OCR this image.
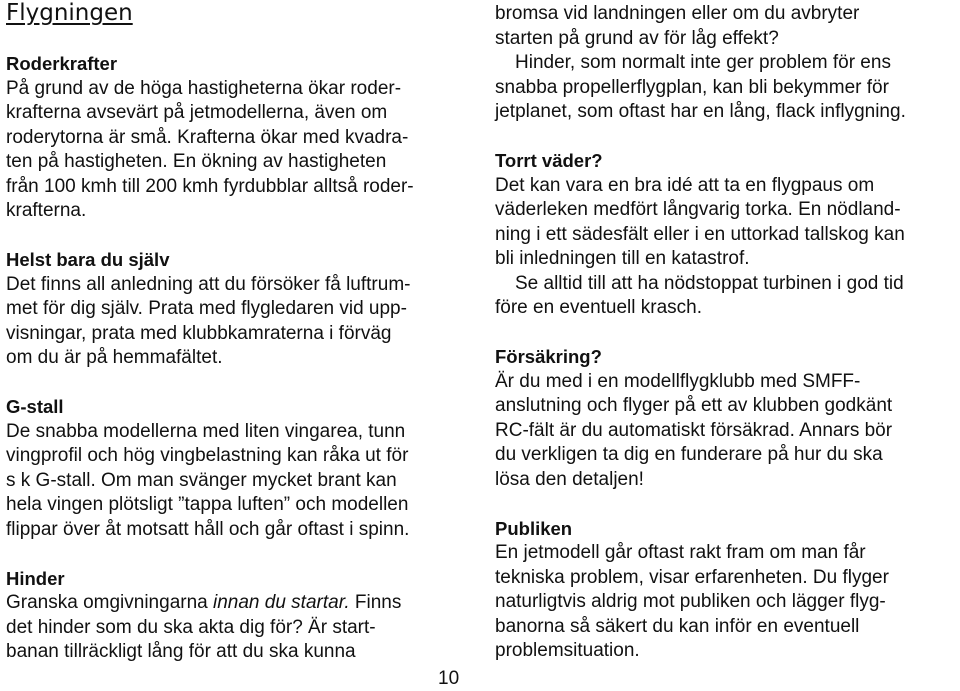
Flygningen
Roderkrafter
På grund av de höga hastigheterna ökar roder-
krafterna avsevärt på jetmodellerna, även om
roderytorna är små. Krafterna ökar med kvadra-
ten på hastigheten. En ökning av hastigheten
från 100 kmh till 200 kmh fyrdubblar alltså roder-
krafterna.
Helst bara du själv
Det finns all anledning att du försöker få luftrum-
met för dig själv. Prata med flygledaren vid upp-
visningar, prata med klubbkamraterna i förväg
om du är på hemmafältet.
G-stall
De snabba modellerna med liten vingarea, tunn
vingprofil och hög vingbelastning kan råka ut för
s k G-stall. Om man svänger mycket brant kan
hela vingen plötsligt ”tappa luften” och modellen
flippar över åt motsatt håll och går oftast i spinn.
Hinder
Granska omgivningarna innan du startar. Finns
det hinder som du ska akta dig för? Är start-
banan tillräckligt lång för att du ska kunna
bromsa vid landningen eller om du avbryter
starten på grund av för låg effekt?
Hinder, som normalt inte ger problem för ens
snabba propellerflygplan, kan bli bekymmer för
jetplanet, som oftast har en lång, flack inflygning.
Torrt väder?
Det kan vara en bra idé att ta en flygpaus om
väderleken medfört långvarig torka. En nödland-
ning i ett sädesfält eller i en uttorkad tallskog kan
bli inledningen till en katastrof.
Se alltid till att ha nödstoppat turbinen i god tid
före en eventuell krasch.
Försäkring?
Är du med i en modellflygklubb med SMFF-
anslutning och flyger på ett av klubben godkänt
RC-fält är du automatiskt försäkrad. Annars bör
du verkligen ta dig en funderare på hur du ska
lösa den detaljen!
Publiken
En jetmodell går oftast rakt fram om man får
tekniska problem, visar erfarenheten. Du flyger
naturligtvis aldrig mot publiken och lägger flyg-
banorna så säkert du kan inför en eventuell
problemsituation.
10
